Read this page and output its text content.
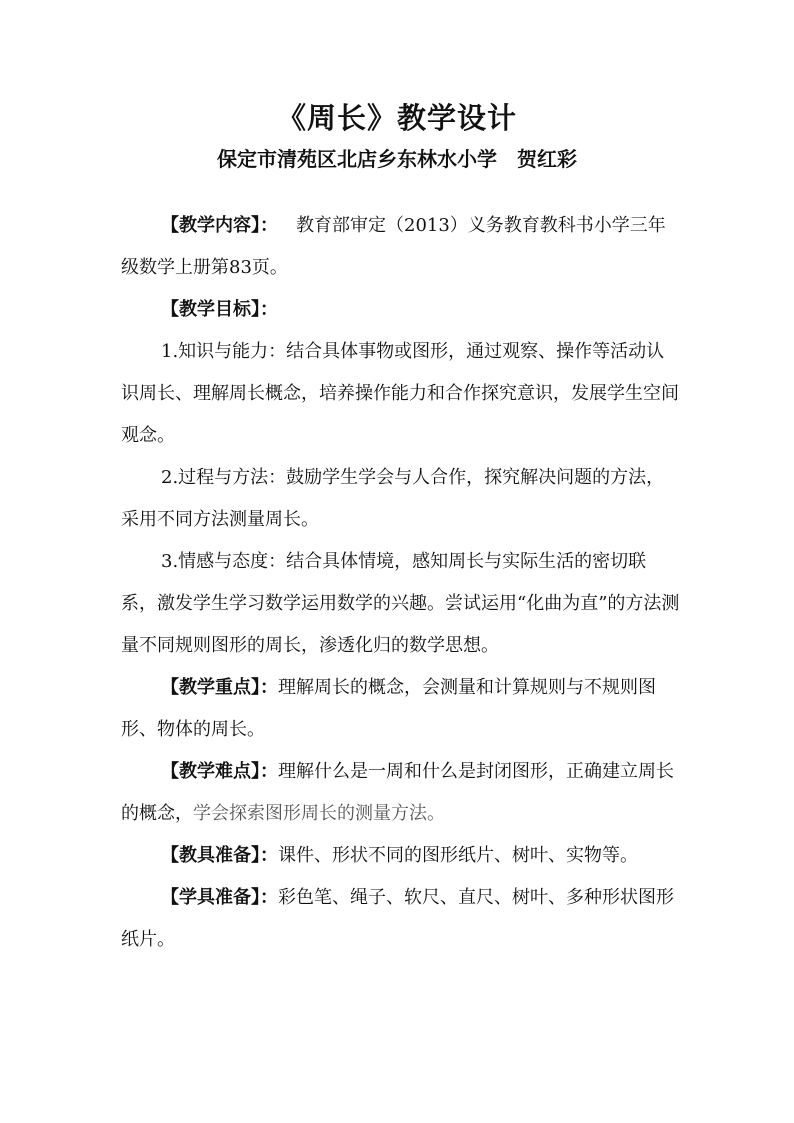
《周长》教学设计
保定市清苑区北店乡东林水小学 贺红彩

【教学内容】： 教育部审定（2013）义务教育教科书小学三年级数学上册第83页。

【教学目标】：

1.知识与能力：结合具体事物或图形，通过观察、操作等活动认识周长、理解周长概念，培养操作能力和合作探究意识，发展学生空间观念。

2.过程与方法：鼓励学生学会与人合作，探究解决问题的方法，采用不同方法测量周长。

3.情感与态度：结合具体情境，感知周长与实际生活的密切联系，激发学生学习数学运用数学的兴趣。尝试运用“化曲为直”的方法测量不同规则图形的周长，渗透化归的数学思想。

【教学重点】：理解周长的概念，会测量和计算规则与不规则图形、物体的周长。

【教学难点】：理解什么是一周和什么是封闭图形，正确建立周长的概念，学会探索图形周长的测量方法。

【教具准备】：课件、形状不同的图形纸片、树叶、实物等。

【学具准备】：彩色笔、绳子、软尺、直尺、树叶、多种形状图形纸片。
